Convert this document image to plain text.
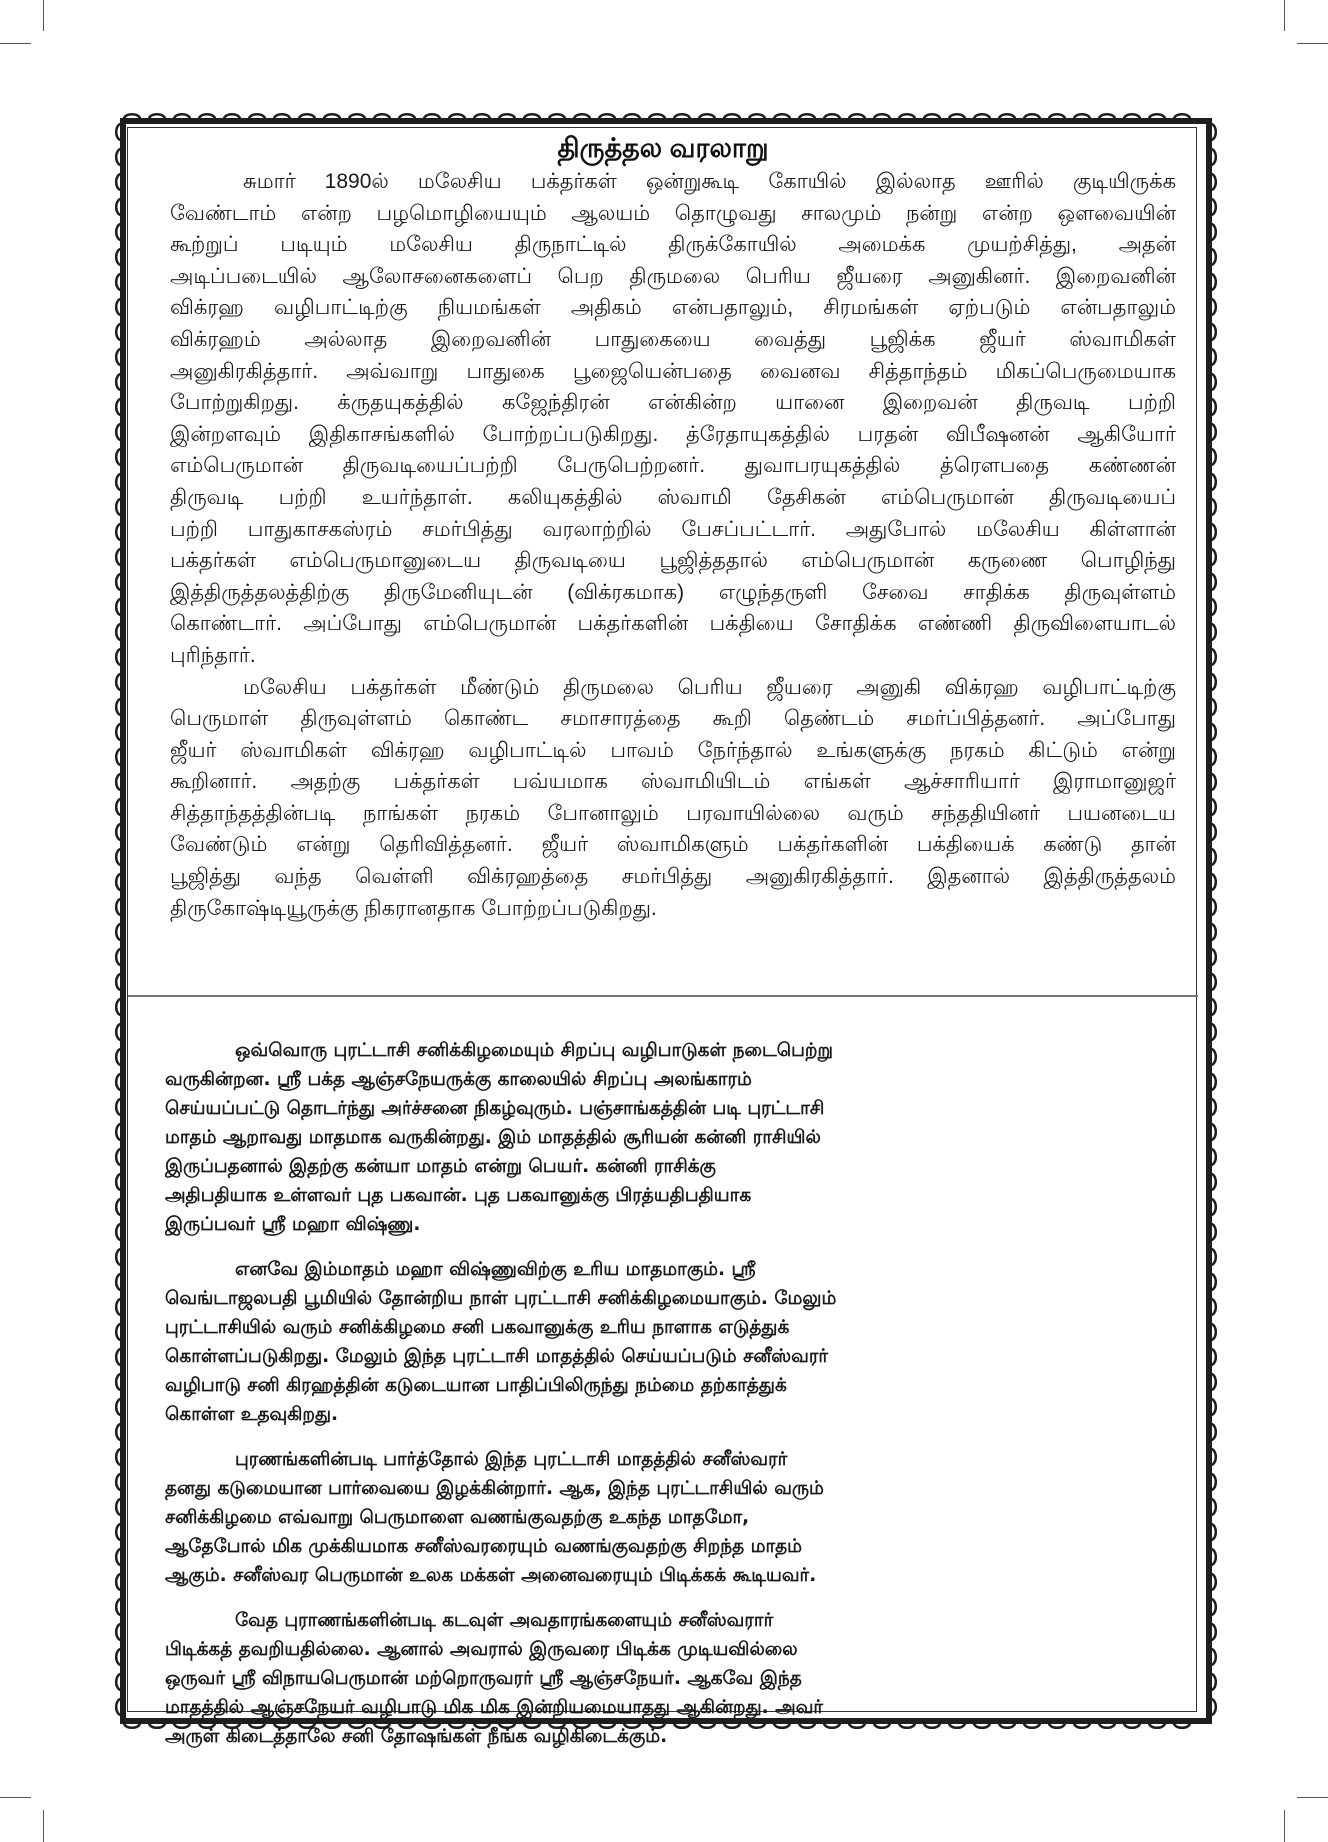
திருத்தல வரலாறு
சுமார் 1890ல் மலேசிய பக்தர்கள் ஒன்றுகூடி கோயில் இல்லாத ஊரில் குடியிருக்க
வேண்டாம் என்ற பழமொழியையும் ஆலயம் தொழுவது சாலமும் நன்று என்ற ஒளவையின்
கூற்றுப் படியும் மலேசிய திருநாட்டில் திருக்கோயில் அமைக்க முயற்சித்து, அதன்
அடிப்படையில் ஆலோசனைகளைப் பெற திருமலை பெரிய ஜீயரை அனுகினர். இறைவனின்
விக்ரஹ வழிபாட்டிற்கு நியமங்கள் அதிகம் என்பதாலும், சிரமங்கள் ஏற்படும் என்பதாலும்
விக்ரஹம் அல்லாத இறைவனின் பாதுகையை வைத்து பூஜிக்க ஜீயர் ஸ்வாமிகள்
அனுகிரகித்தார். அவ்வாறு பாதுகை பூஜையென்பதை வைனவ சித்தாந்தம் மிகப்பெருமையாக
போற்றுகிறது. க்ருதயுகத்தில் கஜேந்திரன் என்கின்ற யானை இறைவன் திருவடி பற்றி
இன்றளவும் இதிகாசங்களில் போற்றப்படுகிறது. த்ரேதாயுகத்தில் பரதன் விபீஷனன் ஆகியோர்
எம்பெருமான் திருவடியைப்பற்றி பேருபெற்றனர். துவாபரயுகத்தில் த்ரௌபதை கண்ணன்
திருவடி பற்றி உயர்ந்தாள். கலியுகத்தில் ஸ்வாமி தேசிகன் எம்பெருமான் திருவடியைப்
பற்றி பாதுகாசகஸ்ரம் சமர்பித்து வரலாற்றில் பேசப்பட்டார். அதுபோல் மலேசிய கிள்ளான்
பக்தர்கள் எம்பெருமானுடைய திருவடியை பூஜித்ததால் எம்பெருமான் கருணை பொழிந்து
இத்திருத்தலத்திற்கு திருமேனியுடன் (விக்ரகமாக) எழுந்தருளி சேவை சாதிக்க திருவுள்ளம்
கொண்டார். அப்போது எம்பெருமான் பக்தர்களின் பக்தியை சோதிக்க எண்ணி திருவிளையாடல்
புரிந்தார்.
மலேசிய பக்தர்கள் மீண்டும் திருமலை பெரிய ஜீயரை அனுகி விக்ரஹ வழிபாட்டிற்கு
பெருமாள் திருவுள்ளம் கொண்ட சமாசாரத்தை கூறி தெண்டம் சமர்ப்பித்தனர். அப்போது
ஜீயர் ஸ்வாமிகள் விக்ரஹ வழிபாட்டில் பாவம் நேர்ந்தால் உங்களுக்கு நரகம் கிட்டும் என்று
கூறினார். அதற்கு பக்தர்கள் பவ்யமாக ஸ்வாமியிடம் எங்கள் ஆச்சாரியார் இராமானுஜர்
சித்தாந்தத்தின்படி நாங்கள் நரகம் போனாலும் பரவாயில்லை வரும் சந்ததியினர் பயனடைய
வேண்டும் என்று தெரிவித்தனர். ஜீயர் ஸ்வாமிகளும் பக்தர்களின் பக்தியைக் கண்டு தான்
பூஜித்து வந்த வெள்ளி விக்ரஹத்தை சமர்பித்து அனுகிரகித்தார். இதனால் இத்திருத்தலம்
திருகோஷ்டியூருக்கு நிகரானதாக போற்றப்படுகிறது.
ஒவ்வொரு புரட்டாசி சனிக்கிழமையும் சிறப்பு வழிபாடுகள் நடைபெற்று
வருகின்றன. ஸ்ரீ பக்த ஆஞ்சநேயருக்கு காலையில் சிறப்பு அலங்காரம்
செய்யப்பட்டு தொடர்ந்து அர்ச்சனை நிகழ்வுரும். பஞ்சாங்கத்தின் படி புரட்டாசி
மாதம் ஆறாவது மாதமாக வருகின்றது. இம் மாதத்தில் சூரியன் கன்னி ராசியில்
இருப்பதனால் இதற்கு கன்யா மாதம் என்று பெயர். கன்னி ராசிக்கு
அதிபதியாக உள்ளவர் புத பகவான். புத பகவானுக்கு பிரத்யதிபதியாக
இருப்பவர் ஸ்ரீ மஹா விஷ்ணு.
எனவே இம்மாதம் மஹா விஷ்ணுவிற்கு உரிய மாதமாகும். ஸ்ரீ
வெங்டாஜலபதி பூமியில் தோன்றிய நாள் புரட்டாசி சனிக்கிழமையாகும். மேலும்
புரட்டாசியில் வரும் சனிக்கிழமை சனி பகவானுக்கு உரிய நாளாக எடுத்துக்
கொள்ளப்படுகிறது. மேலும் இந்த புரட்டாசி மாதத்தில் செய்யப்படும் சனீஸ்வரர்
வழிபாடு சனி கிரஹத்தின் கடுடையான பாதிப்பிலிருந்து நம்மை தற்காத்துக்
கொள்ள உதவுகிறது.
புரணங்களின்படி பார்த்தோல் இந்த புரட்டாசி மாதத்தில் சனீஸ்வரர்
தனது கடுமையான பார்வையை இழக்கின்றார். ஆக, இந்த புரட்டாசியில் வரும்
சனிக்கிழமை எவ்வாறு பெருமாளை வணங்குவதற்கு உகந்த மாதமோ,
ஆதேபோல் மிக முக்கியமாக சனீஸ்வரரையும் வணங்குவதற்கு சிறந்த மாதம்
ஆகும். சனீஸ்வர பெருமான் உலக மக்கள் அனைவரையும் பிடிக்கக் கூடியவர்.
வேத புராணங்களின்படி கடவுள் அவதாரங்களையும் சனீஸ்வரார்
பிடிக்கத் தவறியதில்லை. ஆனால் அவரால் இருவரை பிடிக்க முடியவில்லை
ஒருவர் ஸ்ரீ விநாயபெருமான் மற்றொருவரர் ஸ்ரீ ஆஞ்சநேயர். ஆகவே இந்த
மாதத்தில் ஆஞ்சநேயர் வழிபாடு மிக மிக இன்றியமையாதது ஆகின்றது. அவர்
அருள் கிடைத்தாலே சனி தோஷங்கள் நீங்க வழிகிடைக்கும்.
